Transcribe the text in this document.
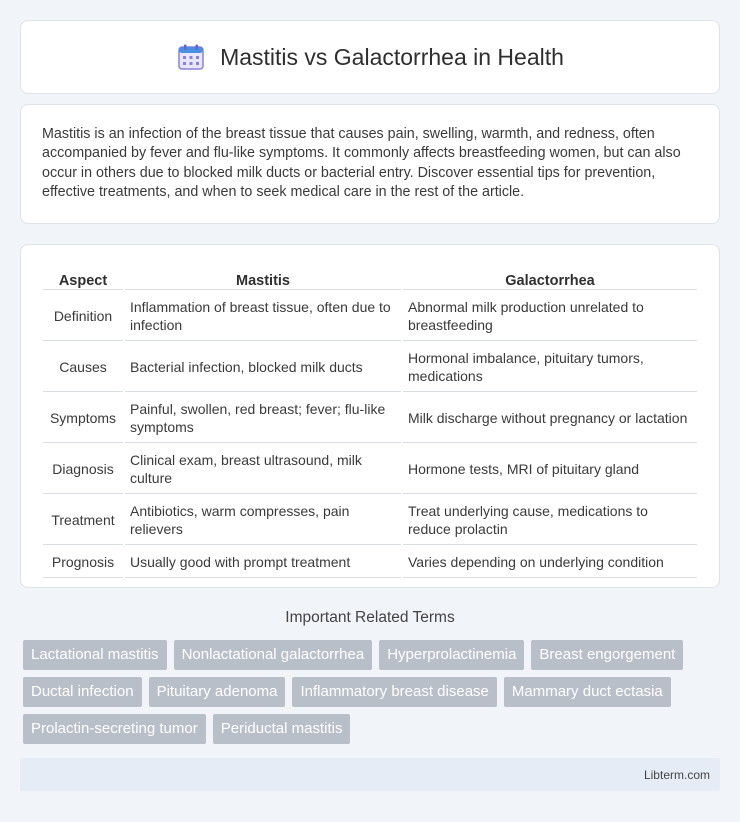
Mastitis vs Galactorrhea in Health

Mastitis is an infection of the breast tissue that causes pain, swelling, warmth, and redness, often accompanied by fever and flu-like symptoms. It commonly affects breastfeeding women, but can also occur in others due to blocked milk ducts or bacterial entry. Discover essential tips for prevention, effective treatments, and when to seek medical care in the rest of the article.

Aspect	Mastitis	Galactorrhea
Definition	Inflammation of breast tissue, often due to infection	Abnormal milk production unrelated to breastfeeding
Causes	Bacterial infection, blocked milk ducts	Hormonal imbalance, pituitary tumors, medications
Symptoms	Painful, swollen, red breast; fever; flu-like symptoms	Milk discharge without pregnancy or lactation
Diagnosis	Clinical exam, breast ultrasound, milk culture	Hormone tests, MRI of pituitary gland
Treatment	Antibiotics, warm compresses, pain relievers	Treat underlying cause, medications to reduce prolactin
Prognosis	Usually good with prompt treatment	Varies depending on underlying condition
Important Related Terms
Lactational mastitis	Nonlactational galactorrhea	Hyperprolactinemia	Breast engorgement
Ductal infection	Pituitary adenoma	Inflammatory breast disease	Mammary duct ectasia
Prolactin-secreting tumor	Periductal mastitis
Libterm.com
